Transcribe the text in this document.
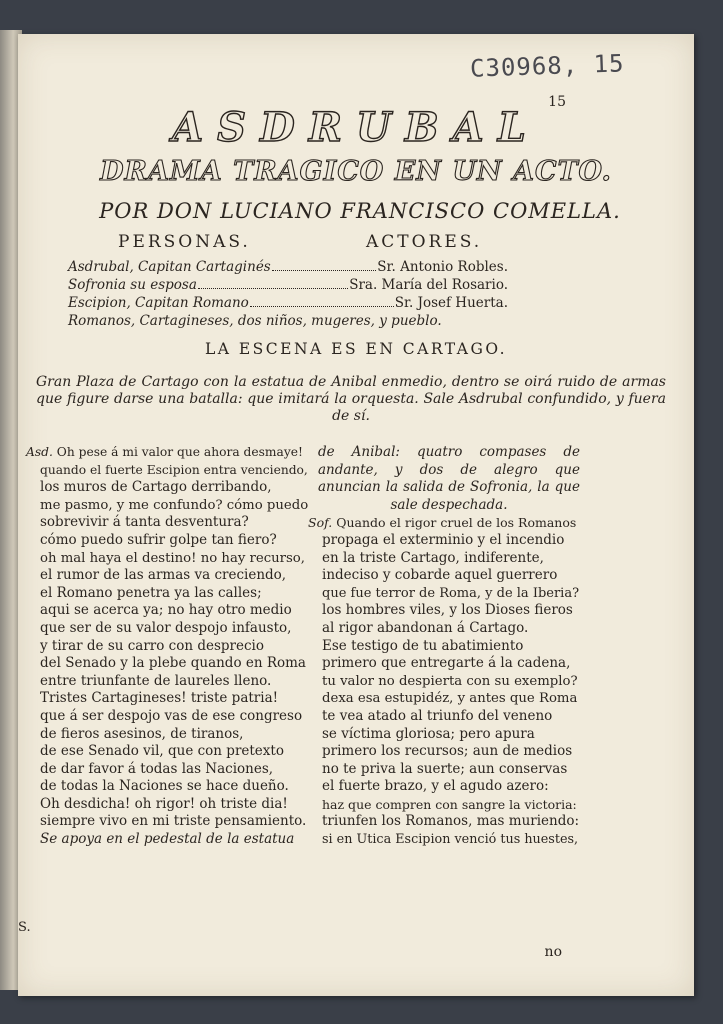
C30968, 15
15
ASDRUBAL
DRAMA TRAGICO EN UN ACTO.
POR DON LUCIANO FRANCISCO COMELLA.
PERSONAS.	ACTORES.
Asdrubal, Capitan Cartaginés	Sr. Antonio Robles.
Sofronia su esposa	Sra. María del Rosario.
Escipion, Capitan Romano	Sr. Josef Huerta.
Romanos, Cartagineses, dos niños, mugeres, y pueblo.
LA ESCENA ES EN CARTAGO.
Gran Plaza de Cartago con la estatua de Anibal enmedio, dentro se oirá ruido de armas que figure darse una batalla: que imitará la orquesta. Sale Asdrubal confundido, y fuera de sí.
Asd. Oh pese á mi valor que ahora desmaye!
quando el fuerte Escipion entra venciendo,
los muros de Cartago derribando,
me pasmo, y me confundo? cómo puedo
sobrevivir á tanta desventura?
cómo puedo sufrir golpe tan fiero?
oh mal haya el destino! no hay recurso,
el rumor de las armas va creciendo,
el Romano penetra ya las calles;
aqui se acerca ya; no hay otro medio
que ser de su valor despojo infausto,
y tirar de su carro con desprecio
del Senado y la plebe quando en Roma
entre triunfante de laureles lleno.
Tristes Cartagineses! triste patria!
que á ser despojo vas de ese congreso
de fieros asesinos, de tiranos,
de ese Senado vil, que con pretexto
de dar favor á todas las Naciones,
de todas la Naciones se hace dueño.
Oh desdicha! oh rigor! oh triste dia!
siempre vivo en mi triste pensamiento.
Se apoya en el pedestal de la estatua
de Anibal: quatro compases de andante, y dos de alegro que anuncian la salida de Sofronia, la que sale despechada.
Sof. Quando el rigor cruel de los Romanos
propaga el exterminio y el incendio
en la triste Cartago, indiferente,
indeciso y cobarde aquel guerrero
que fue terror de Roma, y de la Iberia?
los hombres viles, y los Dioses fieros
al rigor abandonan á Cartago.
Ese testigo de tu abatimiento
primero que entregarte á la cadena,
tu valor no despierta con su exemplo?
dexa esa estupidéz, y antes que Roma
te vea atado al triunfo del veneno
se víctima gloriosa; pero apura
primero los recursos; aun de medios
no te priva la suerte; aun conservas
el fuerte brazo, y el agudo azero:
haz que compren con sangre la victoria:
triunfen los Romanos, mas muriendo:
si en Utica Escipion venció tus huestes,
no
S.
